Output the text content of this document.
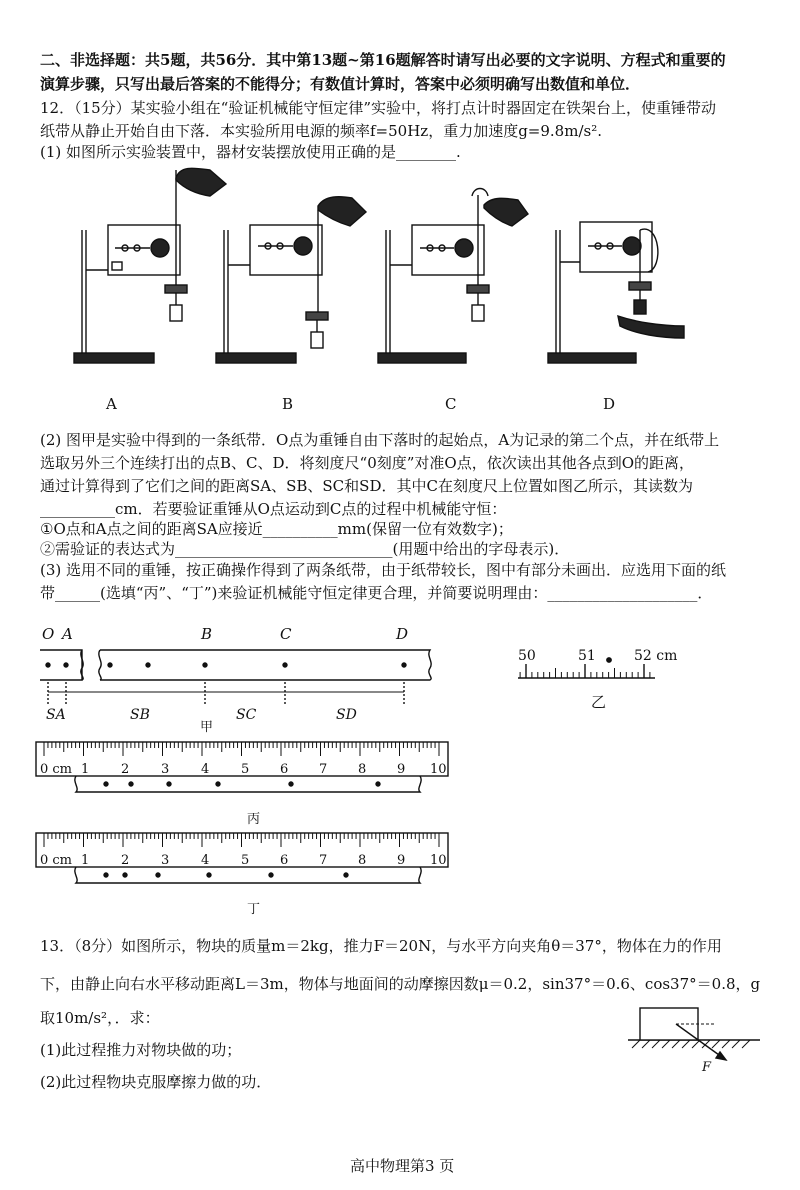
二、非选择题：共5题，共56分．其中第13题~第16题解答时请写出必要的文字说明、方程式和重要的
演算步骤，只写出最后答案的不能得分；有数值计算时，答案中必须明确写出数值和单位．
12．（15分）某实验小组在“验证机械能守恒定律”实验中，将打点计时器固定在铁架台上，使重锤带动
纸带从静止开始自由下落．本实验所用电源的频率f=50Hz，重力加速度g=9.8m/s².
(1) 如图所示实验装置中，器材安装摆放使用正确的是________.
A	B	C	D
(2) 图甲是实验中得到的一条纸带．O点为重锤自由下落时的起始点，A为记录的第二个点，并在纸带上
选取另外三个连续打出的点B、C、D．将刻度尺“0刻度”对准O点，依次读出其他各点到O的距离，
通过计算得到了它们之间的距离SA、SB、SC和SD．其中C在刻度尺上位置如图乙所示，其读数为
__________cm．若要验证重锤从O点运动到C点的过程中机械能守恒：
①O点和A点之间的距离SA应接近__________mm(保留一位有效数字)；
②需验证的表达式为_____________________________(用题中给出的字母表示)．
(3) 选用不同的重锤，按正确操作得到了两条纸带，由于纸带较长，图中有部分未画出．应选用下面的纸
带______(选填“丙”、“丁”)来验证机械能守恒定律更合理，并简要说明理由：____________________．
O A	B	C	D
SA	SB	SC	SD
甲
50	51	52 cm
乙
0 cm 1 2 3 4 5 6 7 8 9 10
丙
0 cm 1 2 3 4 5 6 7 8 9 10
丁
13．（8分）如图所示，物块的质量m＝2kg，推力F＝20N，与水平方向夹角θ＝37°，物体在力的作用
下，由静止向右水平移动距离L＝3m，物体与地面间的动摩擦因数μ＝0.2，sin37°＝0.6、cos37°＝0.8，g
取10m/s²，．求：
(1)此过程推力对物块做的功；
(2)此过程物块克服摩擦力做的功．
F
高中物理第3 页
